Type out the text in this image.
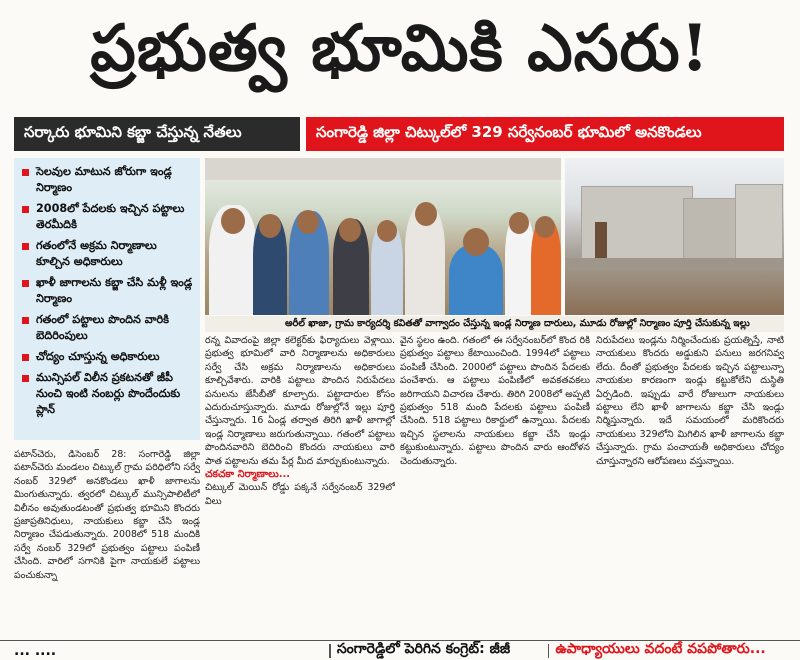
ప్రభుత్వ భూమికి ఎసరు!
సర్కారు భూమిని కబ్జా చేస్తున్న నేతలు	సంగారెడ్డి జిల్లా చిట్కుల్‌లో 329 సర్వేనంబర్ భూమిలో అనకొండలు
సెలవుల మాటున జోరుగా ఇండ్ల నిర్మాణం
2008లో పేదలకు ఇచ్చిన పట్టాలు తెరమీదికి
గతంలోనే అక్రమ నిర్మాణాలు కూల్చిన అధికారులు
ఖాళీ జాగాలను కబ్జా చేసి మళ్లీ ఇండ్ల నిర్మాణం
గతంలో పట్టాలు పొందిన వారికి బెదిరింపులు
చోద్యం చూస్తున్న అధికారులు
మున్సిపల్ విలీన ప్రకటనతో జీపీ నుంచి ఇంటి నంబర్లు పొందేందుకు ప్లాన్
అరీల్ ఖాజా, గ్రామ కార్యదర్శి కవితతో వాగ్వాదం చేస్తున్న ఇండ్ల నిర్మాణ దారులు, మూడు రోజుల్లో నిర్మాణం పూర్తి చేసుకున్న ఇల్లు

పటాన్‌చెరు, డిసెంబర్ 28: సంగారెడ్డి జిల్లా పటాన్‌చెరు మండలం చిట్కుల్ గ్రామ పరిధిలోని సర్వే నంబర్ 329లో అనకొండలు ఖాళీ జాగాలను మింగుతున్నారు. త్వరలో చిట్కుల్ మున్సిపాలిటీలో విలీనం అవుతుండటంతో ప్రభుత్వ భూమిని కొందరు ప్రజాప్రతినిధులు, నాయకులు కబ్జా చేసి ఇండ్ల నిర్మాణం చేపడుతున్నారు. 2008లో 518 మందికి సర్వే నంబర్ 329లో ప్రభుత్వం పట్టాలు పంపిణీ చేసింది. వారిలో సగానికి పైగా నాయకులే పట్టాలు పంచుకున్నా

రన్న వివాదంపై జిల్లా కలెక్టర్‌కు ఫిర్యాదులు వెళ్లాయి. ప్రభుత్వ భూమిలో వారి నిర్మాణాలను అధికారులు సర్వే చేసి అక్రమ నిర్మాణాలను అధికారులు కూల్చివేశారు. వారికి పట్టాలు పొందిన నిరుపేదలు పనులను జేసీబీతో కూల్చారు. పట్టాదారుల కోసం ఎదురుచూస్తున్నారు. మూడు రోజుల్లోనే ఇల్లు పూర్తి చేస్తున్నారు. 16 ఏండ్ల తర్వాత తిరిగి ఖాళీ జాగాల్లో ఇండ్ల నిర్మాణాలు జరుగుతున్నాయి. గతంలో పట్టాలు పొందినవారిని బెదిరించి కొందరు నాయకులు వారి పాత పట్టాలను తమ పేర్ల మీద మార్చుకుంటున్నారు.

చకచకా నిర్మాణాలు...

చిట్కుల్ మెయిన్ రోడ్డు పక్కనే సర్వేనంబర్ 329లో విలు

వైన స్థలం ఉంది. గతంలో ఈ సర్వేనంబర్‌లో కొంద రికి ప్రభుత్వం పట్టాలు కేటాయించింది. 1994లో పట్టాలు పంపిణీ చేసింది. 2000లో పట్టాలు పొందిన పేదలకు పంచేశారు. ఆ పట్టాలు పంపిణీలో అవకతవకలు జరిగాయని విచారణ చేశారు. తిరిగి 2008లో అప్పటి ప్రభుత్వం 518 మంది పేదలకు పట్టాలు పంపిణీ చేసింది. 518 పట్టాలు రికార్డులో ఉన్నాయి. పేదలకు ఇచ్చిన స్థలాలను నాయకులు కబ్జా చేసి ఇండ్లు కట్టుకుంటున్నారు. పట్టాలు పొందిన వారు ఆందోళన చెందుతున్నారు.

నిరుపేదలు ఇండ్లను నిర్మించేందుకు ప్రయత్నిస్తే, నాటి నాయకులు కొందరు అడ్డుకుని పనులు జరగనివ్వ లేదు. దీంతో ప్రభుత్వం పేదలకు ఇచ్చిన పట్టాలున్నా నాయకుల కారణంగా ఇండ్లు కట్టుకోలేని దుస్థితి ఏర్పడింది. ఇప్పుడు వారే రోజులుగా నాయకులు పట్టాలు లేని ఖాళీ జాగాలను కబ్జా చేసి ఇండ్లు నిర్మిస్తున్నారు. ఇదే సమయంలో మరికొందరు నాయకులు 329లోని మిగిలిన ఖాళీ జాగాలను కబ్జా చేస్తున్నారు. గ్రామ పంచాయతీ అధికారులు చోద్యం చూస్తున్నారని ఆరోపణలు వస్తున్నాయి.

... ....	సంగారెడ్డిలో పెరిగిన కంగ్రెట్: జీజీ	ఉపాధ్యాయులు వదంటే వపపోతారు...
